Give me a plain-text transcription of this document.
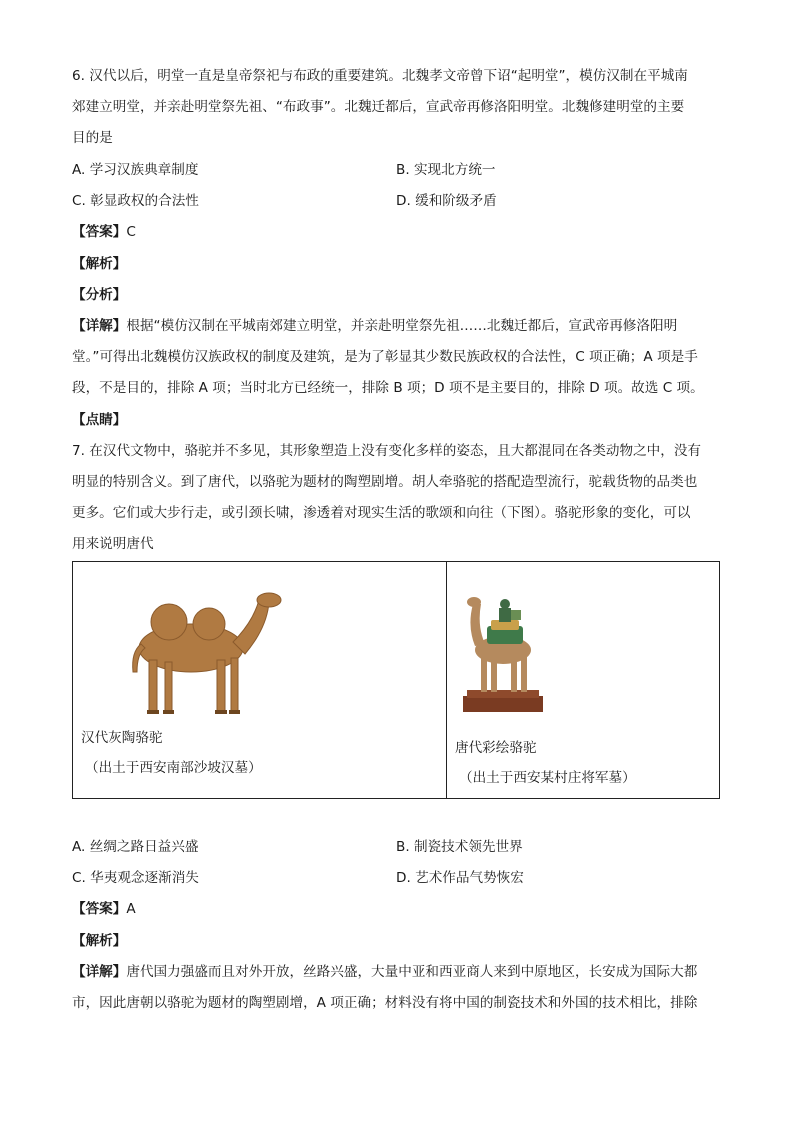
6. 汉代以后，明堂一直是皇帝祭祀与布政的重要建筑。北魏孝文帝曾下诏“起明堂”，模仿汉制在平城南
郊建立明堂，并亲赴明堂祭先祖、“布政事”。北魏迁都后，宣武帝再修洛阳明堂。北魏修建明堂的主要
目的是
A. 学习汉族典章制度	B. 实现北方统一
C. 彰显政权的合法性	D. 缓和阶级矛盾
【答案】C
【解析】
【分析】
【详解】根据“模仿汉制在平城南郊建立明堂，并亲赴明堂祭先祖……北魏迁都后，宣武帝再修洛阳明
堂。”可得出北魏模仿汉族政权的制度及建筑，是为了彰显其少数民族政权的合法性，C 项正确；A 项是手
段，不是目的，排除 A 项；当时北方已经统一，排除 B 项；D 项不是主要目的，排除 D 项。故选 C 项。
【点睛】
7. 在汉代文物中，骆驼并不多见，其形象塑造上没有变化多样的姿态，且大都混同在各类动物之中，没有
明显的特别含义。到了唐代，以骆驼为题材的陶塑剧增。胡人牵骆驼的搭配造型流行，驼载货物的品类也
更多。它们或大步行走，或引颈长啸，渗透着对现实生活的歌颂和向往（下图）。骆驼形象的变化，可以
用来说明唐代
汉代灰陶骆驼
（出土于西安南部沙坡汉墓）
唐代彩绘骆驼
（出土于西安某村庄将军墓）
A. 丝绸之路日益兴盛	B. 制瓷技术领先世界
C. 华夷观念逐渐消失	D. 艺术作品气势恢宏
【答案】A
【解析】
【详解】唐代国力强盛而且对外开放，丝路兴盛，大量中亚和西亚商人来到中原地区，长安成为国际大都
市，因此唐朝以骆驼为题材的陶塑剧增，A 项正确；材料没有将中国的制瓷技术和外国的技术相比，排除
